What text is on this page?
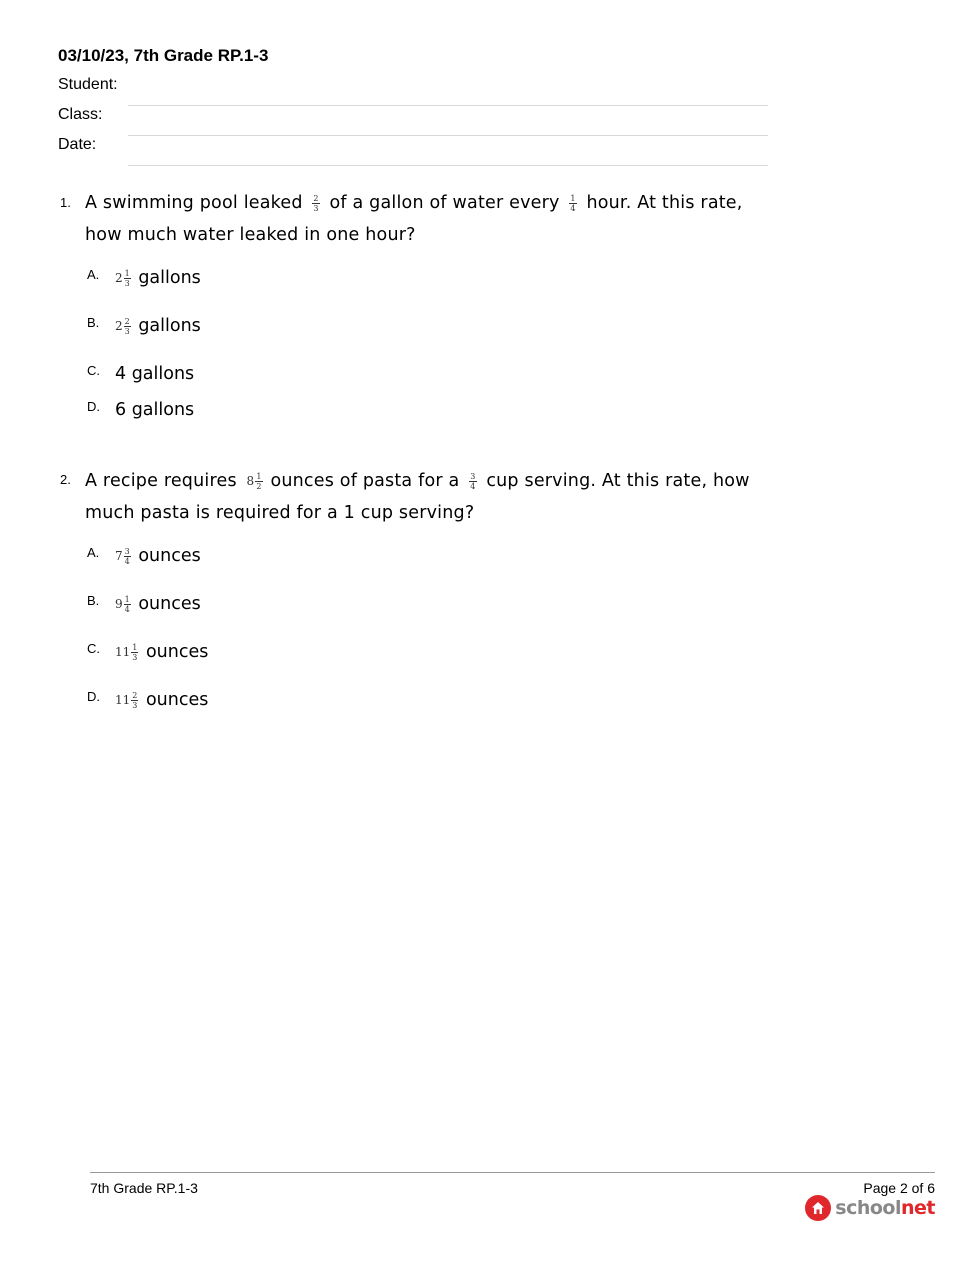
03/10/23, 7th Grade RP.1-3
Student:
Class:
Date:
1. A swimming pool leaked $\frac{2}{3}$ of a gallon of water every $\frac{1}{4}$ hour. At this rate, how much water leaked in one hour?
A. $2 \frac{1}{3}$ gallons
B. $2 \frac{2}{3}$ gallons
C. 4 gallons
D. 6 gallons
2. A recipe requires $8 \frac{1}{2}$ ounces of pasta for a $\frac{3}{4}$ cup serving. At this rate, how much pasta is required for a 1 cup serving?
A. $7 \frac{3}{4}$ ounces
B. $9 \frac{1}{4}$ ounces
C. $11 \frac{1}{3}$ ounces
D. $11 \frac{2}{3}$ ounces
7th Grade RP.1-3	Page 2 of 6
schoolnet
